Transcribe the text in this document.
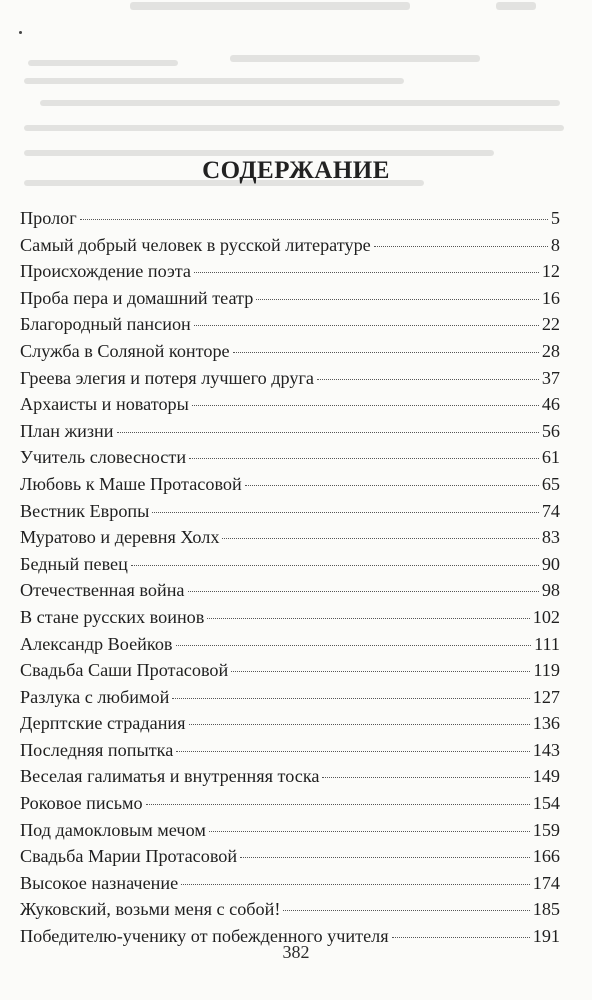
СОДЕРЖАНИЕ
Пролог	5
Самый добрый человек в русской литературе	8
Происхождение поэта	12
Проба пера и домашний театр	16
Благородный пансион	22
Служба в Соляной конторе	28
Греева элегия и потеря лучшего друга	37
Архаисты и новаторы	46
План жизни	56
Учитель словесности	61
Любовь к Маше Протасовой	65
Вестник Европы	74
Муратово и деревня Холх	83
Бедный певец	90
Отечественная война	98
В стане русских воинов	102
Александр Воейков	111
Свадьба Саши Протасовой	119
Разлука с любимой	127
Дерптские страдания	136
Последняя попытка	143
Веселая галиматья и внутренняя тоска	149
Роковое письмо	154
Под дамокловым мечом	159
Свадьба Марии Протасовой	166
Высокое назначение	174
Жуковский, возьми меня с собой!	185
Победителю-ученику от побежденного учителя	191
382
